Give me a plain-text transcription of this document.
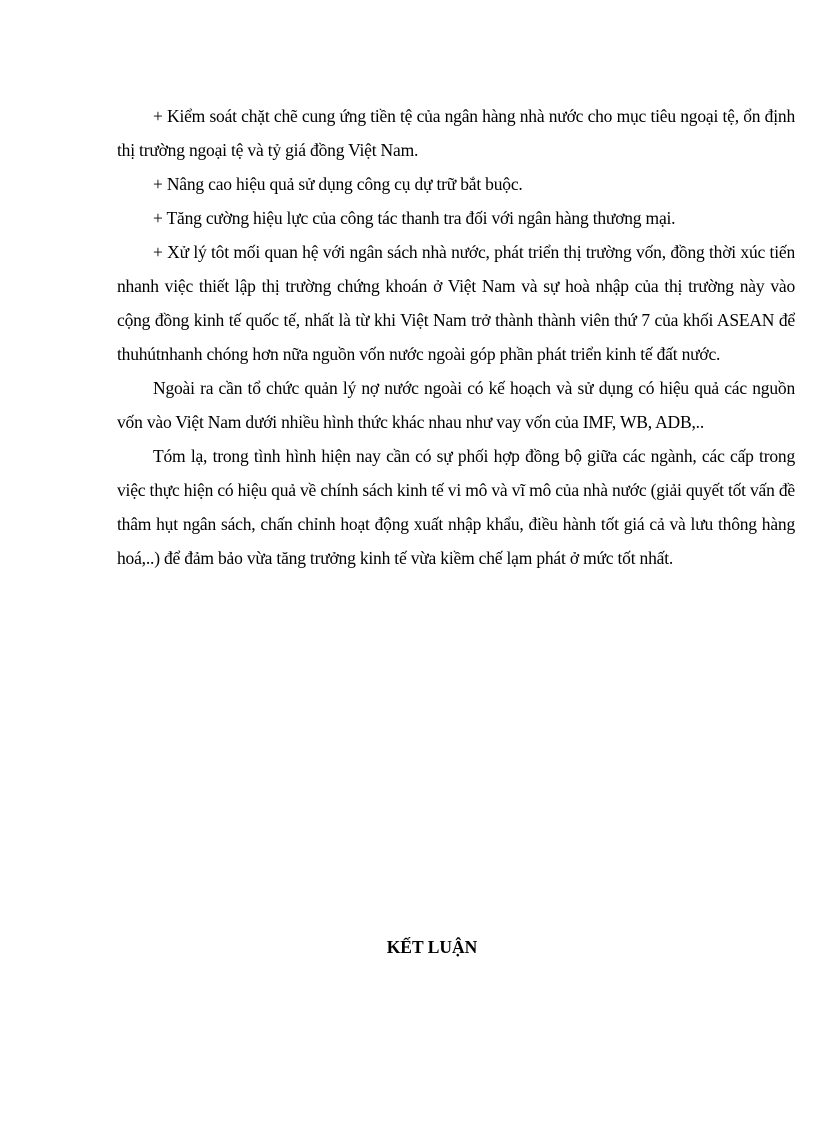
+ Kiểm soát chặt chẽ cung ứng tiền tệ của ngân hàng nhà nước cho mục tiêu ngoại tệ, ổn định thị trường ngoại tệ và tỷ giá đồng Việt Nam.

+ Nâng cao hiệu quả sử dụng công cụ dự trữ bắt buộc.

+ Tăng cường hiệu lực của công tác thanh tra đối với ngân hàng thương mại.

+ Xử lý tôt mối quan hệ với ngân sách nhà nước, phát triển thị trường vốn, đồng thời xúc tiến nhanh việc thiết lập thị trường chứng khoán ở Việt Nam và sự hoà nhập của thị trường này vào cộng đồng kinh tế quốc tế, nhất là từ khi Việt Nam trở thành thành viên thứ 7 của khối ASEAN để thuhútnhanh chóng hơn nữa nguồn vốn nước ngoài góp phần phát triển kinh tế đất nước.

Ngoài ra cần tổ chức quản lý nợ nước ngoài có kế hoạch và sử dụng có hiệu quả các nguồn vốn vào Việt Nam dưới nhiều hình thức khác nhau như vay vốn của IMF, WB, ADB,..

Tóm lạ, trong tình hình hiện nay cần có sự phối hợp đồng bộ giữa các ngành, các cấp trong việc thực hiện có hiệu quả về chính sách kinh tế vi mô và vĩ mô của nhà nước (giải quyết tốt vấn đề thâm hụt ngân sách, chấn chỉnh hoạt động xuất nhập khẩu, điều hành tốt giá cả và lưu thông hàng hoá,..) để đảm bảo vừa tăng trưởng kinh tế vừa kiềm chế lạm phát ở mức tốt nhất.

KẾT LUẬN
